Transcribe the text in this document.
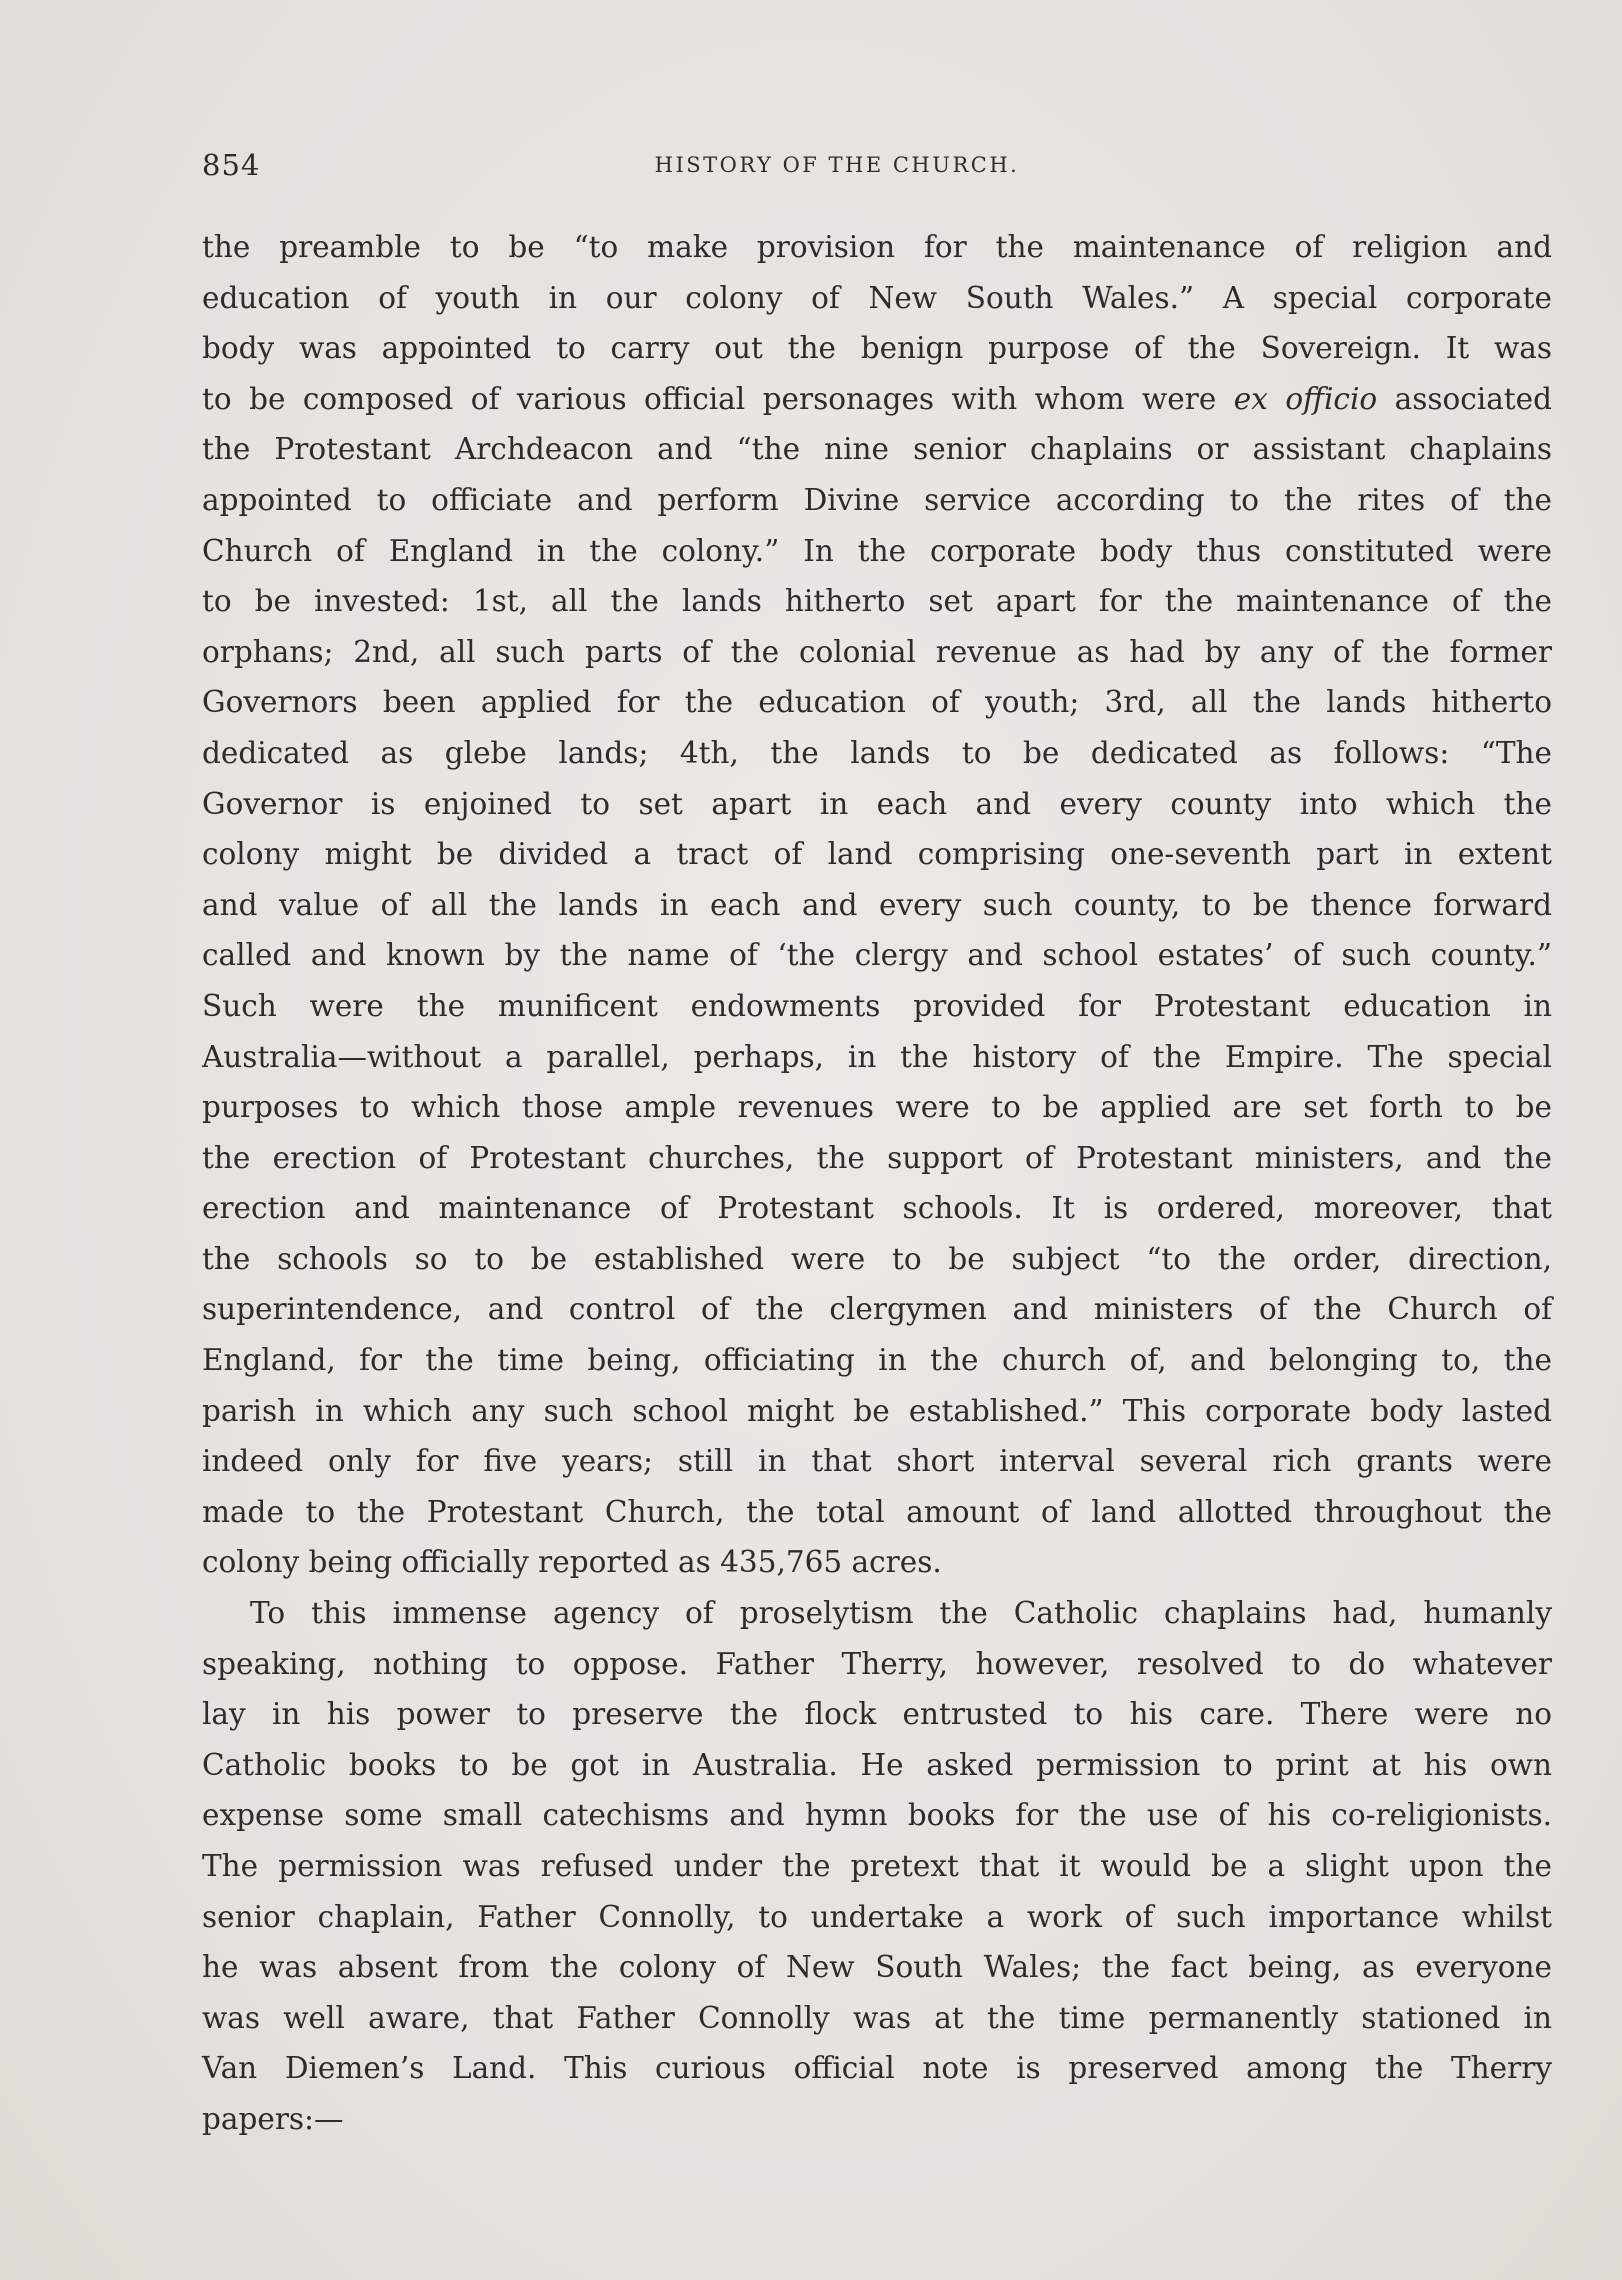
854	HISTORY OF THE CHURCH.

the preamble to be “to make provision for the maintenance of religion and
education of youth in our colony of New South Wales.” A special corporate
body was appointed to carry out the benign purpose of the Sovereign. It was
to be composed of various official personages with whom were ex officio associated
the Protestant Archdeacon and “the nine senior chaplains or assistant chaplains
appointed to officiate and perform Divine service according to the rites of the
Church of England in the colony.” In the corporate body thus constituted were
to be invested: 1st, all the lands hitherto set apart for the maintenance of the
orphans; 2nd, all such parts of the colonial revenue as had by any of the former
Governors been applied for the education of youth; 3rd, all the lands hitherto
dedicated as glebe lands; 4th, the lands to be dedicated as follows: “The
Governor is enjoined to set apart in each and every county into which the
colony might be divided a tract of land comprising one-seventh part in extent
and value of all the lands in each and every such county, to be thence forward
called and known by the name of ‘the clergy and school estates’ of such county.”
Such were the munificent endowments provided for Protestant education in
Australia—without a parallel, perhaps, in the history of the Empire. The special
purposes to which those ample revenues were to be applied are set forth to be
the erection of Protestant churches, the support of Protestant ministers, and the
erection and maintenance of Protestant schools. It is ordered, moreover, that
the schools so to be established were to be subject “to the order, direction,
superintendence, and control of the clergymen and ministers of the Church of
England, for the time being, officiating in the church of, and belonging to, the
parish in which any such school might be established.” This corporate body lasted
indeed only for five years; still in that short interval several rich grants were
made to the Protestant Church, the total amount of land allotted throughout the
colony being officially reported as 435,765 acres.

To this immense agency of proselytism the Catholic chaplains had, humanly
speaking, nothing to oppose. Father Therry, however, resolved to do whatever
lay in his power to preserve the flock entrusted to his care. There were no
Catholic books to be got in Australia. He asked permission to print at his own
expense some small catechisms and hymn books for the use of his co-religionists.
The permission was refused under the pretext that it would be a slight upon the
senior chaplain, Father Connolly, to undertake a work of such importance whilst
he was absent from the colony of New South Wales; the fact being, as everyone
was well aware, that Father Connolly was at the time permanently stationed in
Van Diemen’s Land. This curious official note is preserved among the Therry
papers:—
